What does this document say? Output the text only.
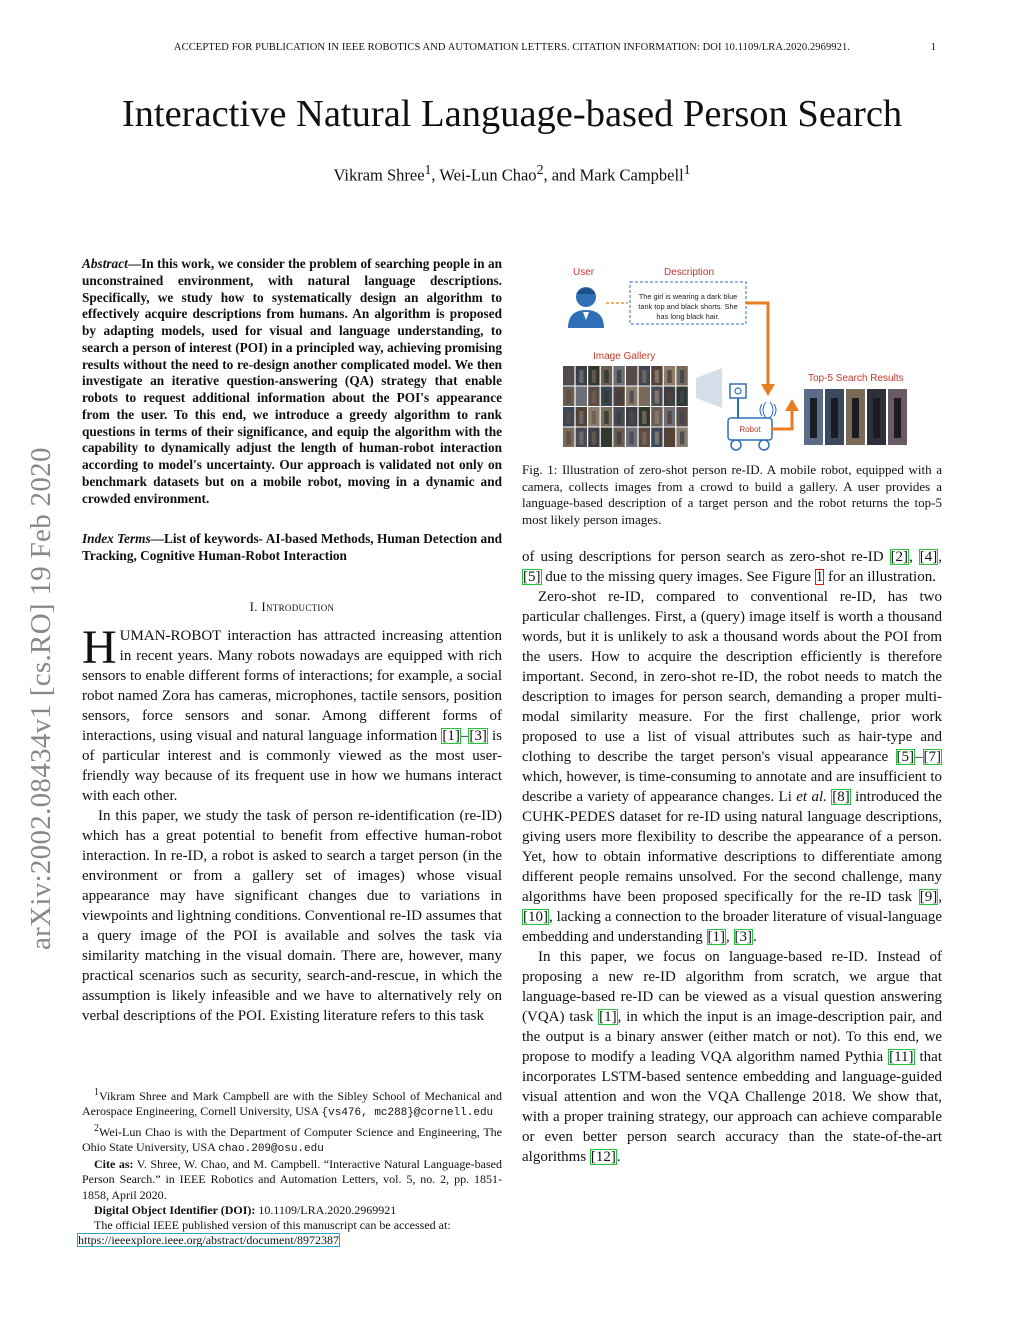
ACCEPTED FOR PUBLICATION IN IEEE ROBOTICS AND AUTOMATION LETTERS. CITATION INFORMATION: DOI 10.1109/LRA.2020.2969921.	1
Interactive Natural Language-based Person Search
Vikram Shree$^1$, Wei-Lun Chao$^2$, and Mark Campbell$^1$
arXiv:2002.08434v1 [cs.RO] 19 Feb 2020
Abstract—In this work, we consider the problem of searching people in an unconstrained environment, with natural language descriptions. Specifically, we study how to systematically design an algorithm to effectively acquire descriptions from humans. An algorithm is proposed by adapting models, used for visual and language understanding, to search a person of interest (POI) in a principled way, achieving promising results without the need to re-design another complicated model. We then investigate an iterative question-answering (QA) strategy that enable robots to request additional information about the POI's appearance from the user. To this end, we introduce a greedy algorithm to rank questions in terms of their significance, and equip the algorithm with the capability to dynamically adjust the length of human-robot interaction according to model's uncertainty. Our approach is validated not only on benchmark datasets but on a mobile robot, moving in a dynamic and crowded environment.
Index Terms—List of keywords- AI-based Methods, Human Detection and Tracking, Cognitive Human-Robot Interaction
I. Introduction

HUMAN-ROBOT interaction has attracted increasing attention in recent years. Many robots nowadays are equipped with rich sensors to enable different forms of interactions; for example, a social robot named Zora has cameras, microphones, tactile sensors, position sensors, force sensors and sonar. Among different forms of interactions, using visual and natural language information [1]–[3] is of particular interest and is commonly viewed as the most user-friendly way because of its frequent use in how we humans interact with each other.

In this paper, we study the task of person re-identification (re-ID) which has a great potential to benefit from effective human-robot interaction. In re-ID, a robot is asked to search a target person (in the environment or from a gallery set of images) whose visual appearance may have significant changes due to variations in viewpoints and lightning conditions. Conventional re-ID assumes that a query image of the POI is available and solves the task via similarity matching in the visual domain. There are, however, many practical scenarios such as security, search-and-rescue, in which the assumption is likely infeasible and we have to alternatively rely on verbal descriptions of the POI. Existing literature refers to this task

$^1$Vikram Shree and Mark Campbell are with the Sibley School of Mechanical and Aerospace Engineering, Cornell University, USA {vs476, mc288}@cornell.edu

$^2$Wei-Lun Chao is with the Department of Computer Science and Engineering, The Ohio State University, USA chao.209@osu.edu

Cite as: V. Shree, W. Chao, and M. Campbell. “Interactive Natural Language-based Person Search.” in IEEE Robotics and Automation Letters, vol. 5, no. 2, pp. 1851-1858, April 2020.

Digital Object Identifier (DOI): 10.1109/LRA.2020.2969921

The official IEEE published version of this manuscript can be accessed at:

https://ieeexplore.ieee.org/abstract/document/8972387
User	Description
The girl is wearing a dark blue
tank top and black shorts. She
has long black hair.
Image Gallery
Robot
Top-5 Search Results
Fig. 1: Illustration of zero-shot person re-ID. A mobile robot, equipped with a camera, collects images from a crowd to build a gallery. A user provides a language-based description of a target person and the robot returns the top-5 most likely person images.

of using descriptions for person search as zero-shot re-ID [2], [4], [5] due to the missing query images. See Figure 1 for an illustration.

Zero-shot re-ID, compared to conventional re-ID, has two particular challenges. First, a (query) image itself is worth a thousand words, but it is unlikely to ask a thousand words about the POI from the users. How to acquire the description efficiently is therefore important. Second, in zero-shot re-ID, the robot needs to match the description to images for person search, demanding a proper multi-modal similarity measure. For the first challenge, prior work proposed to use a list of visual attributes such as hair-type and clothing to describe the target person's visual appearance [5]–[7] which, however, is time-consuming to annotate and are insufficient to describe a variety of appearance changes. Li et al. [8] introduced the CUHK-PEDES dataset for re-ID using natural language descriptions, giving users more flexibility to describe the appearance of a person. Yet, how to obtain informative descriptions to differentiate among different people remains unsolved. For the second challenge, many algorithms have been proposed specifically for the re-ID task [9], [10], lacking a connection to the broader literature of visual-language embedding and understanding [1], [3].

In this paper, we focus on language-based re-ID. Instead of proposing a new re-ID algorithm from scratch, we argue that language-based re-ID can be viewed as a visual question answering (VQA) task [1], in which the input is an image-description pair, and the output is a binary answer (either match or not). To this end, we propose to modify a leading VQA algorithm named Pythia [11] that incorporates LSTM-based sentence embedding and language-guided visual attention and won the VQA Challenge 2018. We show that, with a proper training strategy, our approach can achieve comparable or even better person search accuracy than the state-of-the-art algorithms [12].
